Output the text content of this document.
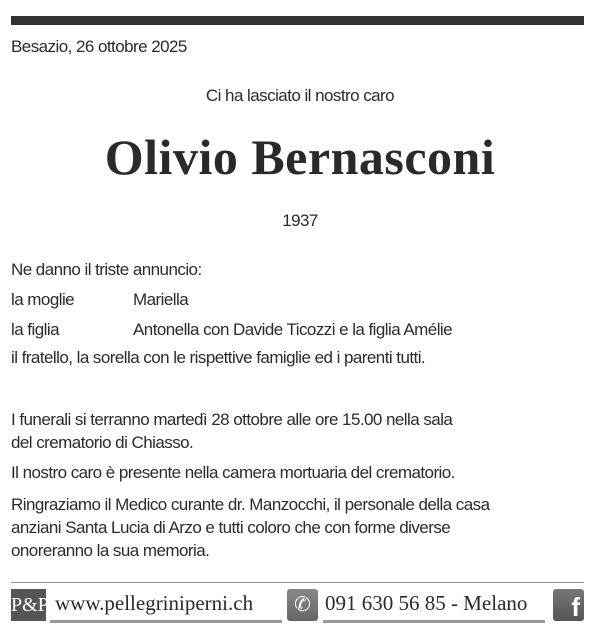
Besazio, 26 ottobre 2025
Ci ha lasciato il nostro caro
Olivio Bernasconi
1937
Ne danno il triste annuncio:
la moglie	Mariella
la figlia	Antonella con Davide Ticozzi e la figlia Amélie
il fratello, la sorella con le rispettive famiglie ed i parenti tutti.
I funerali si terranno martedì 28 ottobre alle ore 15.00 nella sala
del crematorio di Chiasso.
Il nostro caro è presente nella camera mortuaria del crematorio.
Ringraziamo il Medico curante dr. Manzocchi, il personale della casa
anziani Santa Lucia di Arzo e tutti coloro che con forme diverse
onoreranno la sua memoria.
P&P www.pellegriniperni.ch	✆ 091 630 56 85 - Melano	f
